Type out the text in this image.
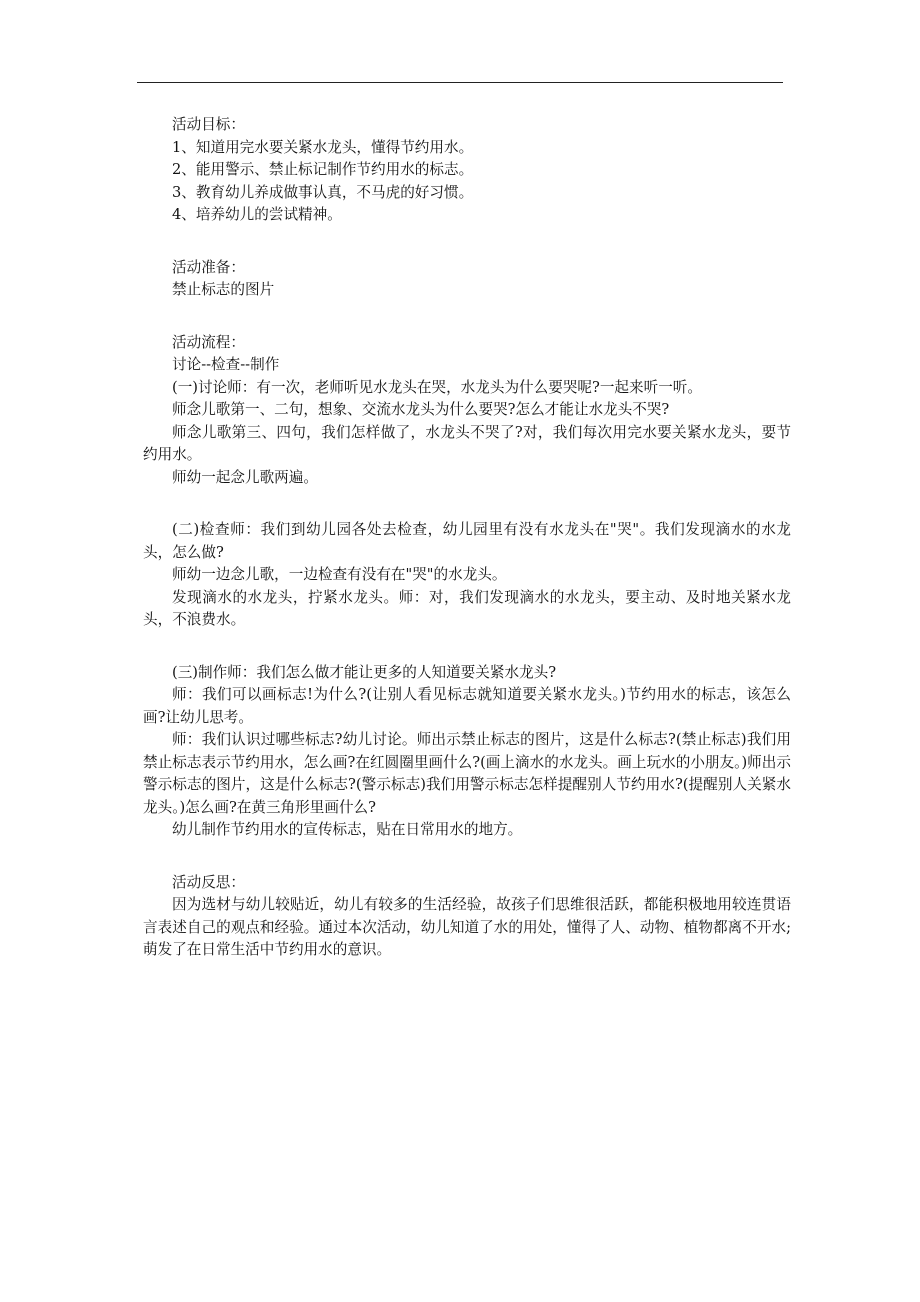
活动目标：

1、知道用完水要关紧水龙头，懂得节约用水。

2、能用警示、禁止标记制作节约用水的标志。

3、教育幼儿养成做事认真，不马虎的好习惯。

4、培养幼儿的尝试精神。

活动准备：

禁止标志的图片

活动流程：

讨论--检查--制作

(一)讨论师：有一次，老师听见水龙头在哭，水龙头为什么要哭呢?一起来听一听。

师念儿歌第一、二句，想象、交流水龙头为什么要哭?怎么才能让水龙头不哭?

师念儿歌第三、四句，我们怎样做了，水龙头不哭了?对，我们每次用完水要关紧水龙头，要节约用水。

师幼一起念儿歌两遍。

(二)检查师：我们到幼儿园各处去检查，幼儿园里有没有水龙头在"哭"。我们发现滴水的水龙头，怎么做?

师幼一边念儿歌，一边检查有没有在"哭"的水龙头。

发现滴水的水龙头，拧紧水龙头。师：对，我们发现滴水的水龙头，要主动、及时地关紧水龙头，不浪费水。

(三)制作师：我们怎么做才能让更多的人知道要关紧水龙头?

师：我们可以画标志!为什么?(让别人看见标志就知道要关紧水龙头。)节约用水的标志，该怎么画?让幼儿思考。

师：我们认识过哪些标志?幼儿讨论。师出示禁止标志的图片，这是什么标志?(禁止标志)我们用禁止标志表示节约用水，怎么画?在红圆圈里画什么?(画上滴水的水龙头。画上玩水的小朋友。)师出示警示标志的图片，这是什么标志?(警示标志)我们用警示标志怎样提醒别人节约用水?(提醒别人关紧水龙头。)怎么画?在黄三角形里画什么?

幼儿制作节约用水的宣传标志，贴在日常用水的地方。

活动反思：

因为选材与幼儿较贴近，幼儿有较多的生活经验，故孩子们思维很活跃，都能积极地用较连贯语言表述自己的观点和经验。通过本次活动，幼儿知道了水的用处，懂得了人、动物、植物都离不开水;萌发了在日常生活中节约用水的意识。
